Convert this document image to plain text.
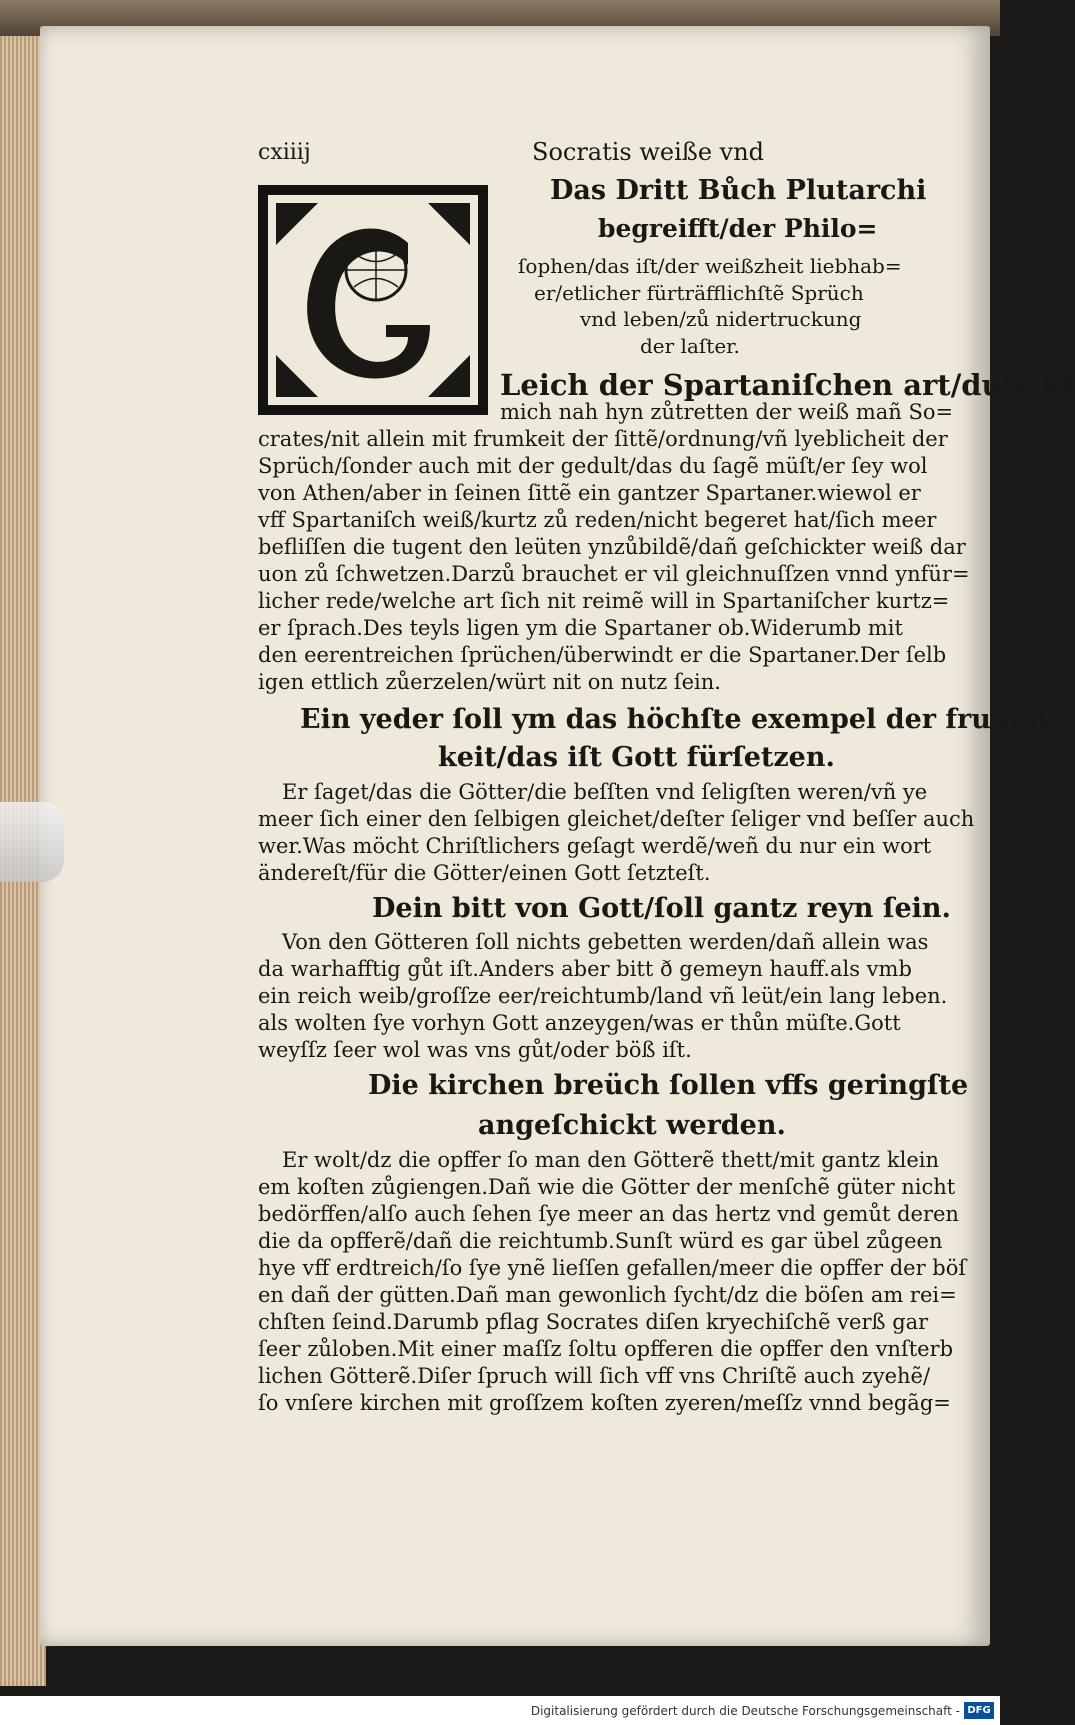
cxiiij	Socratis weiße vnd
Das Dritt Bůch Plutarchi
begreifft/der Philo=
ſophen/das iſt/der weißzheit liebhab=
er/etlicher fürträfflichſtẽ Sprüch
vnd leben/zů nidertruckung
der laſter.
Leich der Spartaniſchen art/dunckt
mich nah hyn zůtretten der weiß mañ So=
crates/nit allein mit frumkeit der ſittẽ/ordnung/vñ lyeblicheit der
Sprüch/ſonder auch mit der gedult/das du ſagẽ müſt/er ſey wol
von Athen/aber in ſeinen ſittẽ ein gantzer Spartaner.wiewol er
vff Spartaniſch weiß/kurtz zů reden/nicht begeret hat/ſich meer
befliſſen die tugent den leüten ynzůbildẽ/dañ geſchickter weiß dar
uon zů ſchwetzen.Darzů brauchet er vil gleichnuſſzen vnnd ynfür=
licher rede/welche art ſich nit reimẽ will in Spartaniſcher kurtz=
er ſprach.Des teyls ligen ym die Spartaner ob.Widerumb mit
den eerentreichen ſprüchen/überwindt er die Spartaner.Der ſelb
igen ettlich zůerzelen/würt nit on nutz ſein.
Ein yeder ſoll ym das höchſte exempel der frumm=
keit/das iſt Gott fürſetzen.
Er ſaget/das die Götter/die beſſten vnd ſeligſten weren/vñ ye
meer ſich einer den ſelbigen gleichet/deſter ſeliger vnd beſſer auch
wer.Was möcht Chriſtlichers geſagt werdẽ/weñ du nur ein wort
ändereſt/für die Götter/einen Gott ſetzteſt.
Dein bitt von Gott/ſoll gantz reyn ſein.
Von den Götteren ſoll nichts gebetten werden/dañ allein was
da warhafftig gůt iſt.Anders aber bitt ð gemeyn hauff.als vmb
ein reich weib/groſſze eer/reichtumb/land vñ leüt/ein lang leben.
als wolten ſye vorhyn Gott anzeygen/was er thůn müſte.Gott
weyſſz ſeer wol was vns gůt/oder böß iſt.
Die kirchen breüch ſollen vffs geringſte
angeſchickt werden.
Er wolt/dz die opffer ſo man den Götterẽ thett/mit gantz klein
em koſten zůgiengen.Dañ wie die Götter der menſchẽ güter nicht
bedörffen/alſo auch ſehen ſye meer an das hertz vnd gemůt deren
die da opfferẽ/dañ die reichtumb.Sunſt würd es gar übel zůgeen
hye vff erdtreich/ſo ſye ynẽ lieſſen gefallen/meer die opffer der böſ
en dañ der gütten.Dañ man gewonlich ſycht/dz die böſen am rei=
chſten ſeind.Darumb pflag Socrates diſen kryechiſchẽ verß gar
ſeer zůloben.Mit einer maſſz ſoltu opfferen die opffer den vnſterb
lichen Götterẽ.Diſer ſpruch will ſich vff vns Chriſtẽ auch zyehẽ/
ſo vnſere kirchen mit groſſzem koſten zyeren/meſſz vnnd begãg=
Digitalisierung gefördert durch die Deutsche Forschungsgemeinschaft - DFG
